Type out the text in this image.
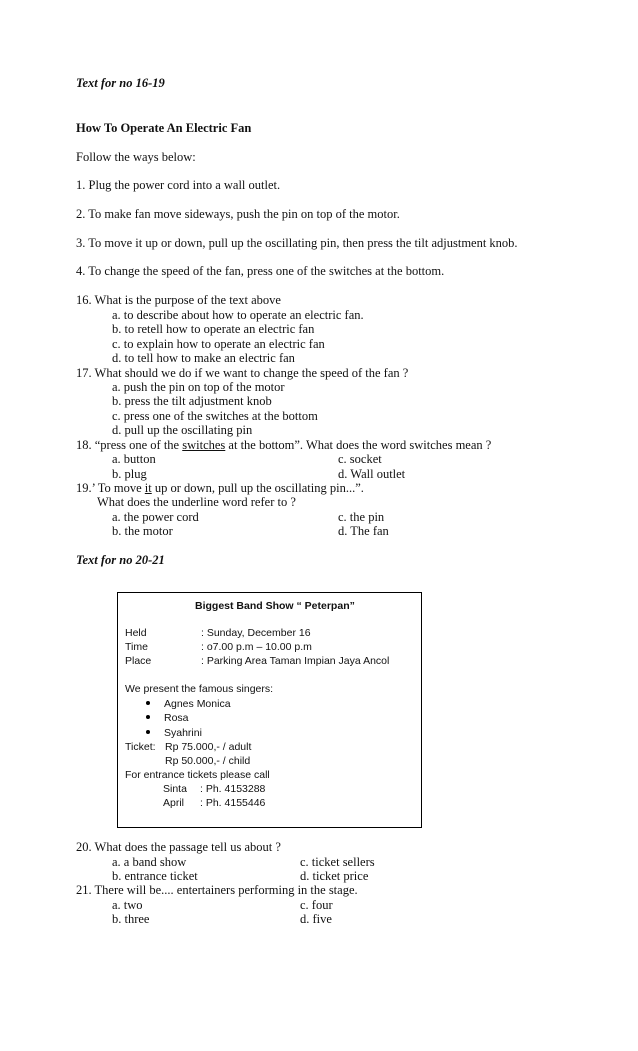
Text for no 16-19
How To Operate An Electric Fan
Follow the ways below:
1. Plug the power cord into a wall outlet.
2. To make fan move sideways, push the pin on top of the motor.
3. To move it up or down, pull up the oscillating pin, then press the tilt adjustment knob.
4. To change the speed of the fan, press one of the switches at the bottom.
16. What is the purpose of the text above
a. to describe about how to operate an electric fan.
b. to retell how to operate an electric fan
c. to explain how to operate an electric fan
d. to tell how to make an electric fan
17. What should we do if we want to change the speed of the fan ?
a. push the pin on top of the motor
b. press the tilt adjustment knob
c. press one of the switches at the bottom
d. pull up the oscillating pin
18. “press one of the switches at the bottom”. What does the word switches mean ?
a. button	c. socket
b. plug	d. Wall outlet
19.’ To move it up or down, pull up the oscillating pin...”.
What does the underline word refer to ?
a. the power cord	c. the pin
b. the motor	d. The fan
Text for no 20-21
Biggest Band Show “ Peterpan”
Held	: Sunday, December 16
Time	: o7.00 p.m – 10.00 p.m
Place	: Parking Area Taman Impian Jaya Ancol
We present the famous singers:
Agnes Monica
Rosa
Syahrini
Ticket: Rp 75.000,- / adult
Rp 50.000,- / child
For entrance tickets please call
Sinta : Ph. 4153288
April : Ph. 4155446
20. What does the passage tell us about ?
a. a band show	c. ticket sellers
b. entrance ticket	d. ticket price
21. There will be.... entertainers performing in the stage.
a. two	c. four
b. three	d. five
